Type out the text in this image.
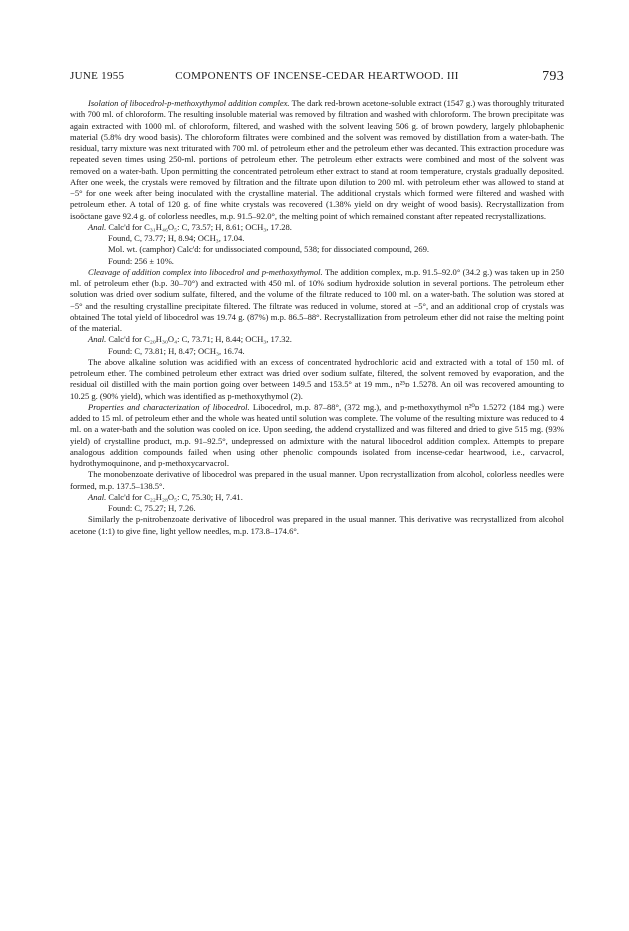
JUNE 1955	COMPONENTS OF INCENSE-CEDAR HEARTWOOD. III	793

Isolation of libocedrol-p-methoxythymol addition complex. The dark red-brown acetone-soluble extract (1547 g.) was thoroughly triturated with 700 ml. of chloroform. The resulting insoluble material was removed by filtration and washed with chloroform. The brown precipitate was again extracted with 1000 ml. of chloroform, filtered, and washed with the solvent leaving 506 g. of brown powdery, largely phlobaphenic material (5.8% dry wood basis). The chloroform filtrates were combined and the solvent was removed by distillation from a water-bath. The residual, tarry mixture was next triturated with 700 ml. of petroleum ether and the petroleum ether was decanted. This extraction procedure was repeated seven times using 250-ml. portions of petroleum ether. The petroleum ether extracts were combined and most of the solvent was removed on a water-bath. Upon permitting the concentrated petroleum ether extract to stand at room temperature, crystals gradually deposited. After one week, the crystals were removed by filtration and the filtrate upon dilution to 200 ml. with petroleum ether was allowed to stand at −5° for one week after being inoculated with the crystalline material. The additional crystals which formed were filtered and washed with petroleum ether. A total of 120 g. of fine white crystals was recovered (1.38% yield on dry weight of wood basis). Recrystallization from isoöctane gave 92.4 g. of colorless needles, m.p. 91.5–92.0°, the melting point of which remained constant after repeated recrystallizations.

Anal. Calc'd for C₃₁H₄₆O₅: C, 73.57; H, 8.61; OCH₃, 17.28.

Found, C, 73.77; H, 8.94; OCH₃, 17.04.

Mol. wt. (camphor) Calc'd: for undissociated compound, 538; for dissociated compound, 269.

Found: 256 ± 10%.

Cleavage of addition complex into libocedrol and p-methoxythymol. The addition complex, m.p. 91.5–92.0° (34.2 g.) was taken up in 250 ml. of petroleum ether (b.p. 30–70°) and extracted with 450 ml. of 10% sodium hydroxide solution in several portions. The petroleum ether solution was dried over sodium sulfate, filtered, and the volume of the filtrate reduced to 100 ml. on a water-bath. The solution was stored at −5° and the resulting crystalline precipitate filtered. The filtrate was reduced in volume, stored at −5°, and an additional crop of crystals was obtained The total yield of libocedrol was 19.74 g. (87%) m.p. 86.5–88°. Recrystallization from petroleum ether did not raise the melting point of the material.

Anal. Calc'd for C₂₀H₃₀O₄: C, 73.71; H, 8.44; OCH₃, 17.32.

Found: C, 73.81; H, 8.47; OCH₃, 16.74.

The above alkaline solution was acidified with an excess of concentrated hydrochloric acid and extracted with a total of 150 ml. of petroleum ether. The combined petroleum ether extract was dried over sodium sulfate, filtered, the solvent removed by evaporation, and the residual oil distilled with the main portion going over between 149.5 and 153.5° at 19 mm., n²⁵ᴅ 1.5278. An oil was recovered amounting to 10.25 g. (90% yield), which was identified as p-methoxythymol (2).

Properties and characterization of libocedrol. Libocedrol, m.p. 87–88°, (372 mg.), and p-methoxythymol n²⁰ᴅ 1.5272 (184 mg.) were added to 15 ml. of petroleum ether and the whole was heated until solution was complete. The volume of the resulting mixture was reduced to 4 ml. on a water-bath and the solution was cooled on ice. Upon seeding, the addend crystallized and was filtered and dried to give 515 mg. (93% yield) of crystalline product, m.p. 91–92.5°, undepressed on admixture with the natural libocedrol addition complex. Attempts to prepare analogous addition compounds failed when using other phenolic compounds isolated from incense-cedar heartwood, i.e., carvacrol, hydrothymoquinone, and p-methoxycarvacrol.

The monobenzoate derivative of libocedrol was prepared in the usual manner. Upon recrystallization from alcohol, colorless needles were formed, m.p. 137.5–138.5°.

Anal. Calc'd for C₂₂H₂₈O₅: C, 75.30; H, 7.41.

Found: C, 75.27; H, 7.26.

Similarly the p-nitrobenzoate derivative of libocedrol was prepared in the usual manner. This derivative was recrystallized from alcohol acetone (1:1) to give fine, light yellow needles, m.p. 173.8–174.6°.
